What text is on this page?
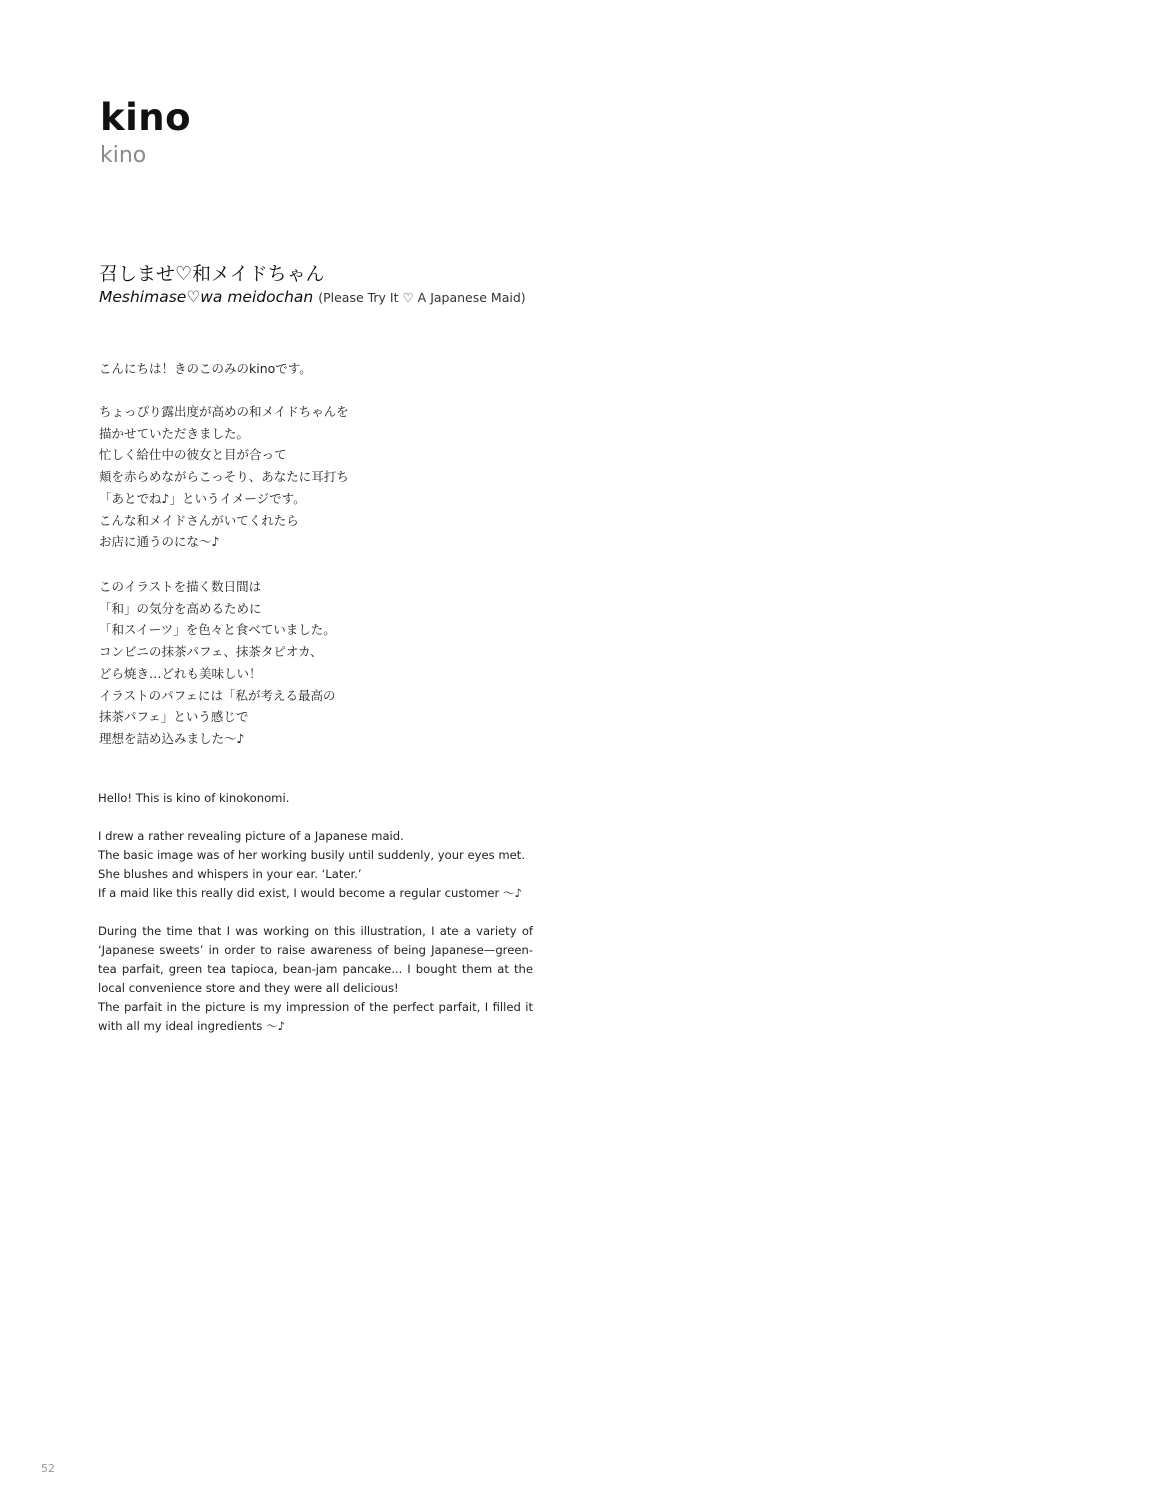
kino
kino
召しませ♡和メイドちゃん
Meshimase♡wa meidochan (Please Try It ♡ A Japanese Maid)

こんにちは！きのこのみのkinoです。

ちょっぴり露出度が高めの和メイドちゃんを

描かせていただきました。

忙しく給仕中の彼女と目が合って

頬を赤らめながらこっそり、あなたに耳打ち

「あとでね♪」というイメージです。

こんな和メイドさんがいてくれたら

お店に通うのにな〜♪

このイラストを描く数日間は

「和」の気分を高めるために

「和スイーツ」を色々と食べていました。

コンビニの抹茶パフェ、抹茶タピオカ、

どら焼き…どれも美味しい！

イラストのパフェには「私が考える最高の

抹茶パフェ」という感じで

理想を詰め込みました〜♪

Hello! This is kino of kinokonomi.

I drew a rather revealing picture of a Japanese maid.

The basic image was of her working busily until suddenly, your eyes met.

She blushes and whispers in your ear. ‘Later.’

If a maid like this really did exist, I would become a regular customer 〜♪

During the time that I was working on this illustration, I ate a variety of ‘Japanese sweets’ in order to raise awareness of being Japanese—green-tea parfait, green tea tapioca, bean-jam pancake... I bought them at the local convenience store and they were all delicious!

The parfait in the picture is my impression of the perfect parfait, I filled it with all my ideal ingredients 〜♪

52
